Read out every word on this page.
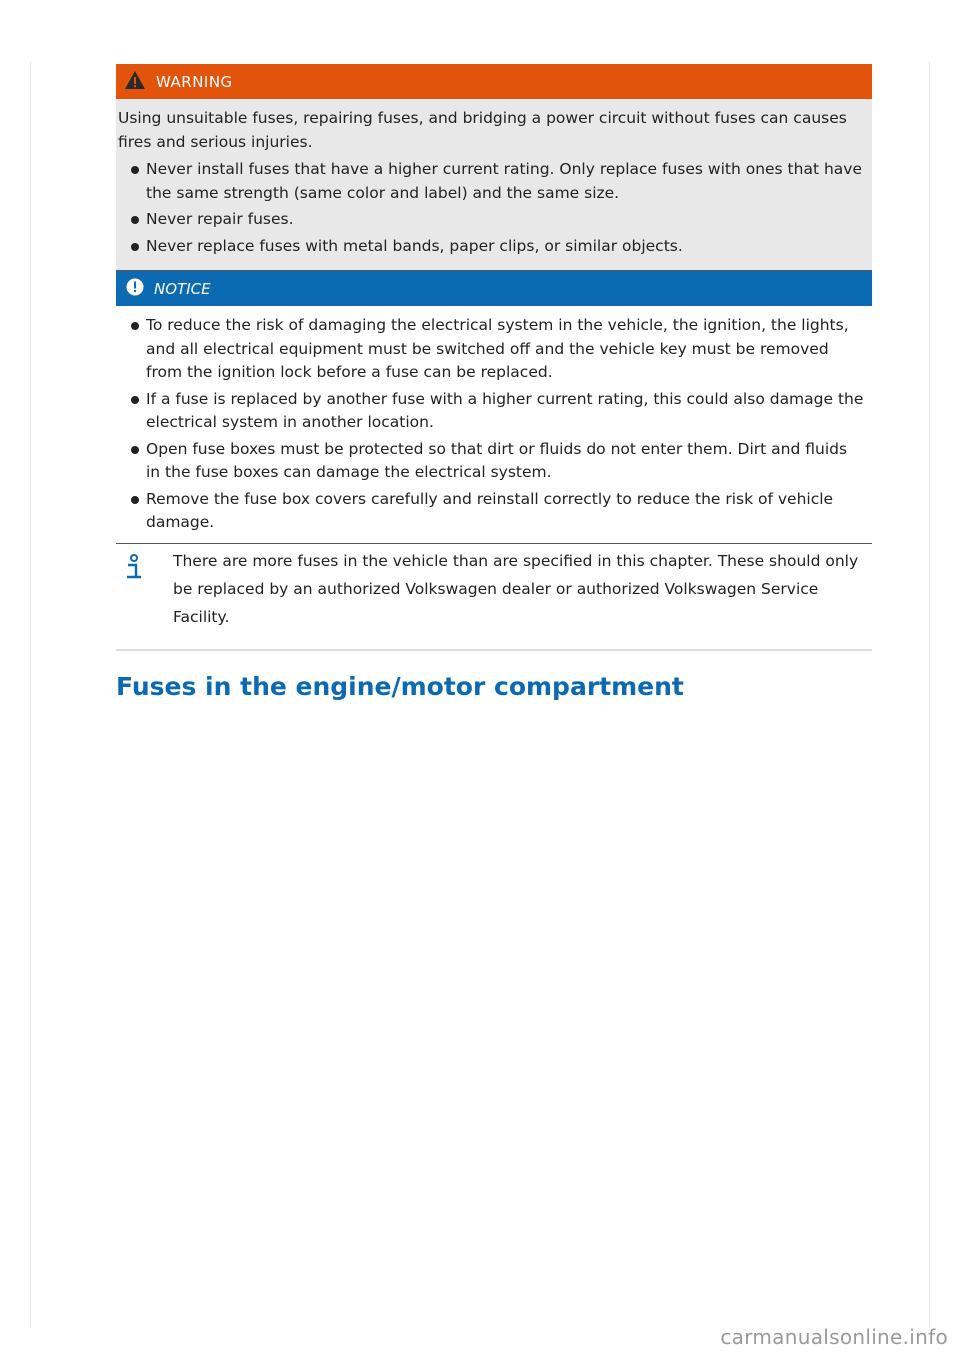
WARNING

Using unsuitable fuses, repairing fuses, and bridging a power circuit without fuses can causes fires and serious injuries.

Never install fuses that have a higher current rating. Only replace fuses with ones that have the same strength (same color and label) and the same size.
Never repair fuses.
Never replace fuses with metal bands, paper clips, or similar objects.
NOTICE
To reduce the risk of damaging the electrical system in the vehicle, the ignition, the lights, and all electrical equipment must be switched off and the vehicle key must be removed from the ignition lock before a fuse can be replaced.
If a fuse is replaced by another fuse with a higher current rating, this could also damage the electrical system in another location.
Open fuse boxes must be protected so that dirt or fluids do not enter them. Dirt and fluids in the fuse boxes can damage the electrical system.
Remove the fuse box covers carefully and reinstall correctly to reduce the risk of vehicle damage.

There are more fuses in the vehicle than are specified in this chapter. These should only be replaced by an authorized Volkswagen dealer or authorized Volkswagen Service Facility.

Fuses in the engine/motor compartment
carmanualsonline.info
